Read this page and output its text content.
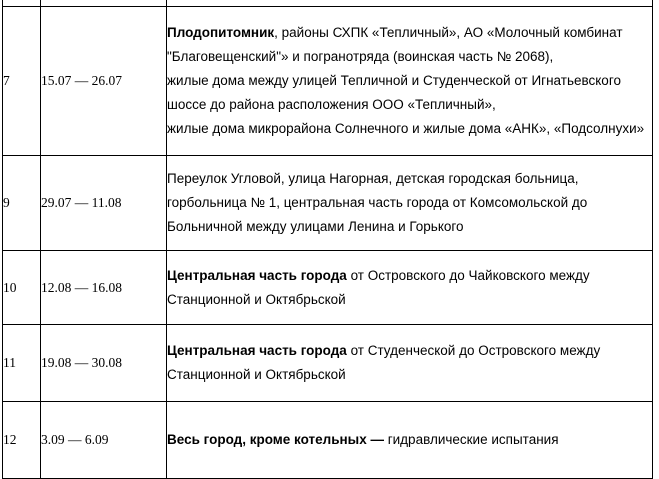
7	15.07 — 26.07	Плодопитомник, районы СХПК «Тепличный», АО «Молочный комбинат
"Благовещенский"» и погранотряда (воинская часть № 2068),
жилые дома между улицей Тепличной и Студенческой от Игнатьевского
шоссе до района расположения ООО «Тепличный»,
жилые дома микрорайона Солнечного и жилые дома «АНК», «Подсолнухи»

9	29.07 — 11.08	Переулок Угловой, улица Нагорная, детская городская больница,
горбольница № 1, центральная часть города от Комсомольской до
Больничной между улицами Ленина и Горького

10	12.08 — 16.08	Центральная часть города от Островского до Чайковского между
Станционной и Октябрьской

11	19.08 — 30.08	Центральная часть города от Студенческой до Островского между
Станционной и Октябрьской

12	3.09 — 6.09	Весь город, кроме котельных — гидравлические испытания
